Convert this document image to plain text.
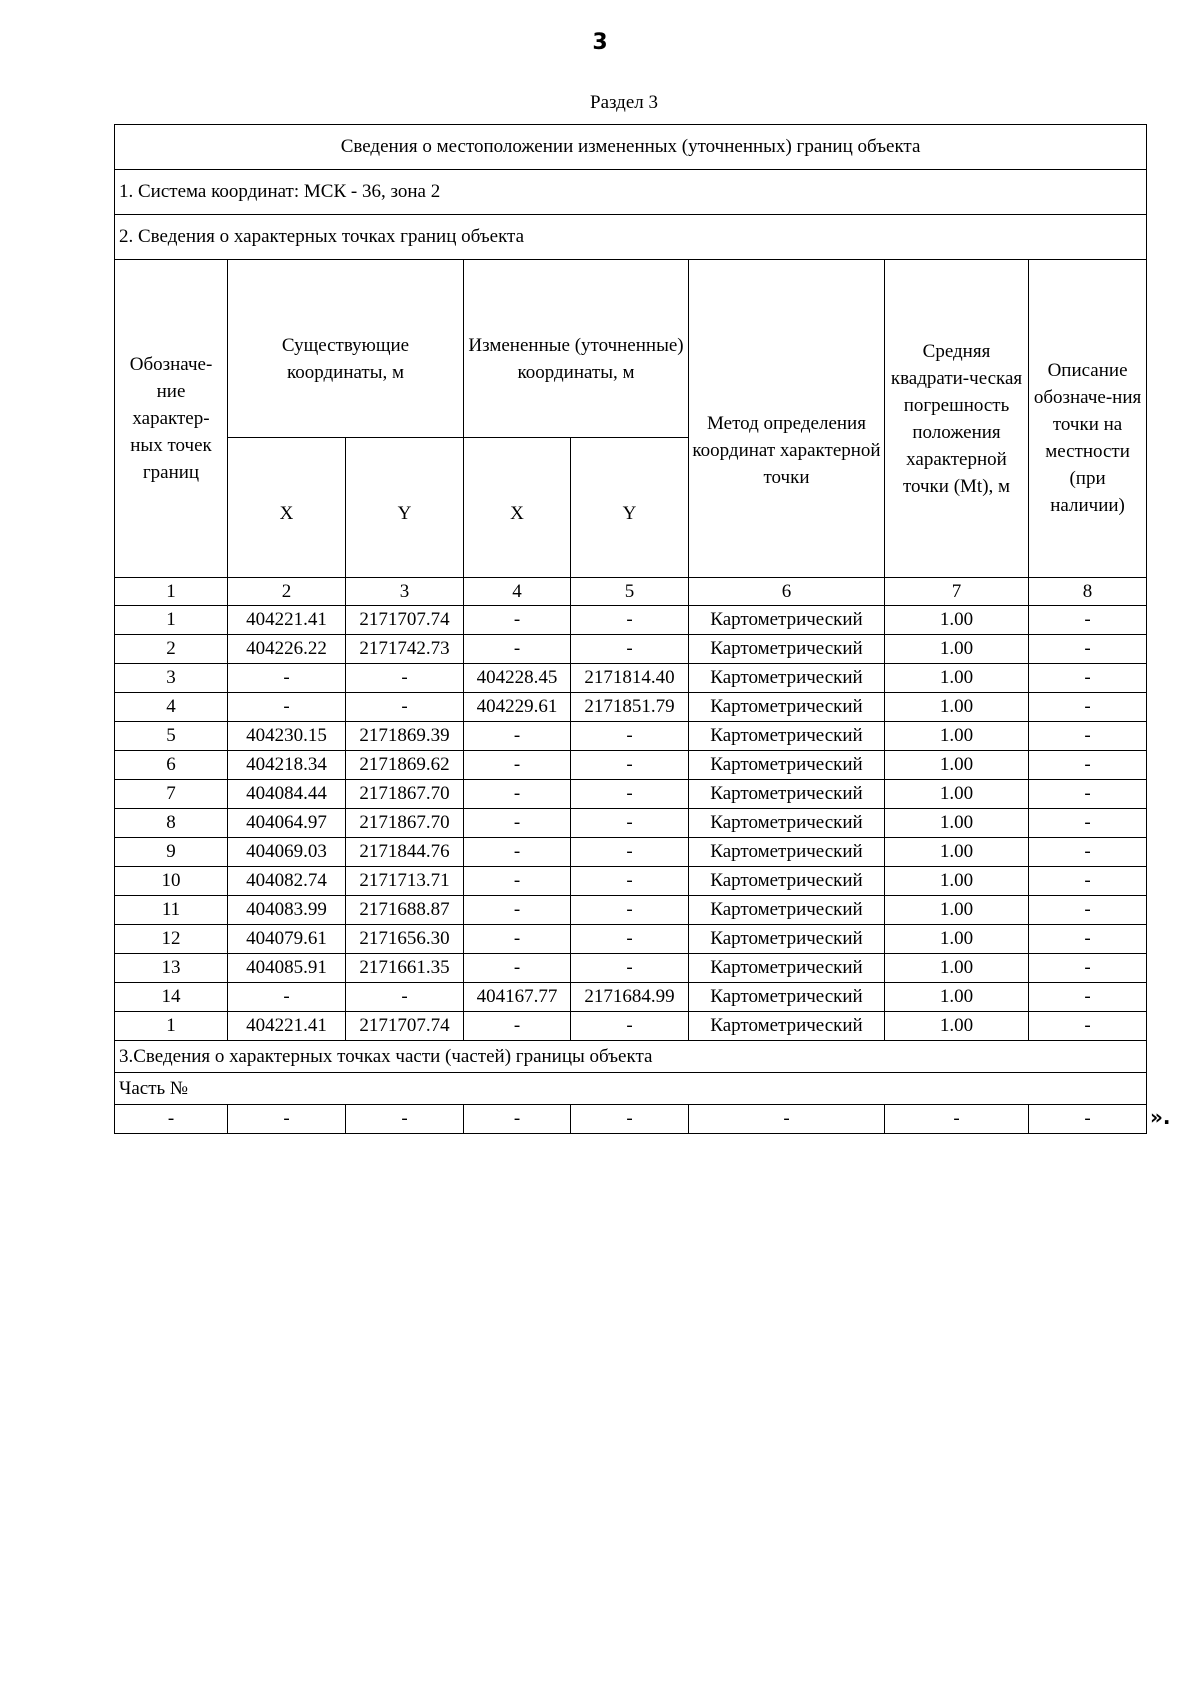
3
Раздел 3
Сведения о местоположении измененных (уточненных) границ объекта							
1. Система координат: МСК - 36, зона 2							
2. Сведения о характерных точках границ объекта							
Обозначе-ние характер-ных точек границ	Существующие координаты, м		Измененные (уточненные) координаты, м		Метод определения координат характерной точки	Средняя квадрати-ческая погрешность положения характерной точки (Mt), м	Описание обозначе-ния точки на местности (при наличии)
	X	Y	X	Y			
1	2	3	4	5	6	7	8
1	404221.41	2171707.74	-	-	Картометрический	1.00	-
2	404226.22	2171742.73	-	-	Картометрический	1.00	-
3	-	-	404228.45	2171814.40	Картометрический	1.00	-
4	-	-	404229.61	2171851.79	Картометрический	1.00	-
5	404230.15	2171869.39	-	-	Картометрический	1.00	-
6	404218.34	2171869.62	-	-	Картометрический	1.00	-
7	404084.44	2171867.70	-	-	Картометрический	1.00	-
8	404064.97	2171867.70	-	-	Картометрический	1.00	-
9	404069.03	2171844.76	-	-	Картометрический	1.00	-
10	404082.74	2171713.71	-	-	Картометрический	1.00	-
11	404083.99	2171688.87	-	-	Картометрический	1.00	-
12	404079.61	2171656.30	-	-	Картометрический	1.00	-
13	404085.91	2171661.35	-	-	Картометрический	1.00	-
14	-	-	404167.77	2171684.99	Картометрический	1.00	-
1	404221.41	2171707.74	-	-	Картометрический	1.00	-
3.Сведения о характерных точках части (частей) границы объекта							
Часть №							
-	-	-	-	-	-	-	-	».
